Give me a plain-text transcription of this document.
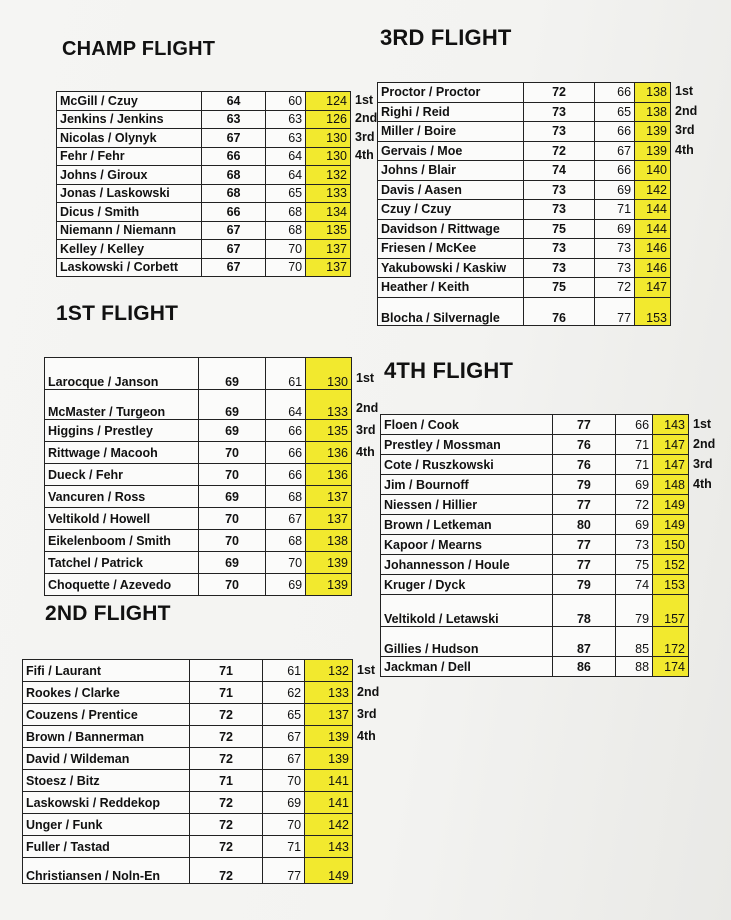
CHAMP FLIGHT
McGill / Czuy	64	60	124
Jenkins / Jenkins	63	63	126
Nicolas / Olynyk	67	63	130
Fehr / Fehr	66	64	130
Johns / Giroux	68	64	132
Jonas / Laskowski	68	65	133
Dicus / Smith	66	68	134
Niemann / Niemann	67	68	135
Kelley / Kelley	67	70	137
Laskowski / Corbett	67	70	137
1st
2nd
3rd
4th
1ST FLIGHT
Larocque / Janson	69	61	130
McMaster / Turgeon	69	64	133
Higgins / Prestley	69	66	135
Rittwage / Macooh	70	66	136
Dueck / Fehr	70	66	136
Vancuren / Ross	69	68	137
Veltikold / Howell	70	67	137
Eikelenboom / Smith	70	68	138
Tatchel / Patrick	69	70	139
Choquette / Azevedo	70	69	139
1st
2nd
3rd
4th
2ND FLIGHT
Fifi / Laurant	71	61	132
Rookes / Clarke	71	62	133
Couzens / Prentice	72	65	137
Brown / Bannerman	72	67	139
David / Wildeman	72	67	139
Stoesz / Bitz	71	70	141
Laskowski / Reddekop	72	69	141
Unger / Funk	72	70	142
Fuller / Tastad	72	71	143
Christiansen / Noln-En	72	77	149
1st
2nd
3rd
4th
3RD FLIGHT
Proctor / Proctor	72	66	138
Righi / Reid	73	65	138
Miller / Boire	73	66	139
Gervais / Moe	72	67	139
Johns / Blair	74	66	140
Davis / Aasen	73	69	142
Czuy / Czuy	73	71	144
Davidson / Rittwage	75	69	144
Friesen / McKee	73	73	146
Yakubowski / Kaskiw	73	73	146
Heather / Keith	75	72	147
Blocha / Silvernagle	76	77	153
1st
2nd
3rd
4th
4TH FLIGHT
Floen / Cook	77	66	143
Prestley / Mossman	76	71	147
Cote / Ruszkowski	76	71	147
Jim / Bournoff	79	69	148
Niessen / Hillier	77	72	149
Brown / Letkeman	80	69	149
Kapoor / Mearns	77	73	150
Johannesson / Houle	77	75	152
Kruger / Dyck	79	74	153
Veltikold / Letawski	78	79	157
Gillies / Hudson	87	85	172
Jackman / Dell	86	88	174
1st
2nd
3rd
4th
